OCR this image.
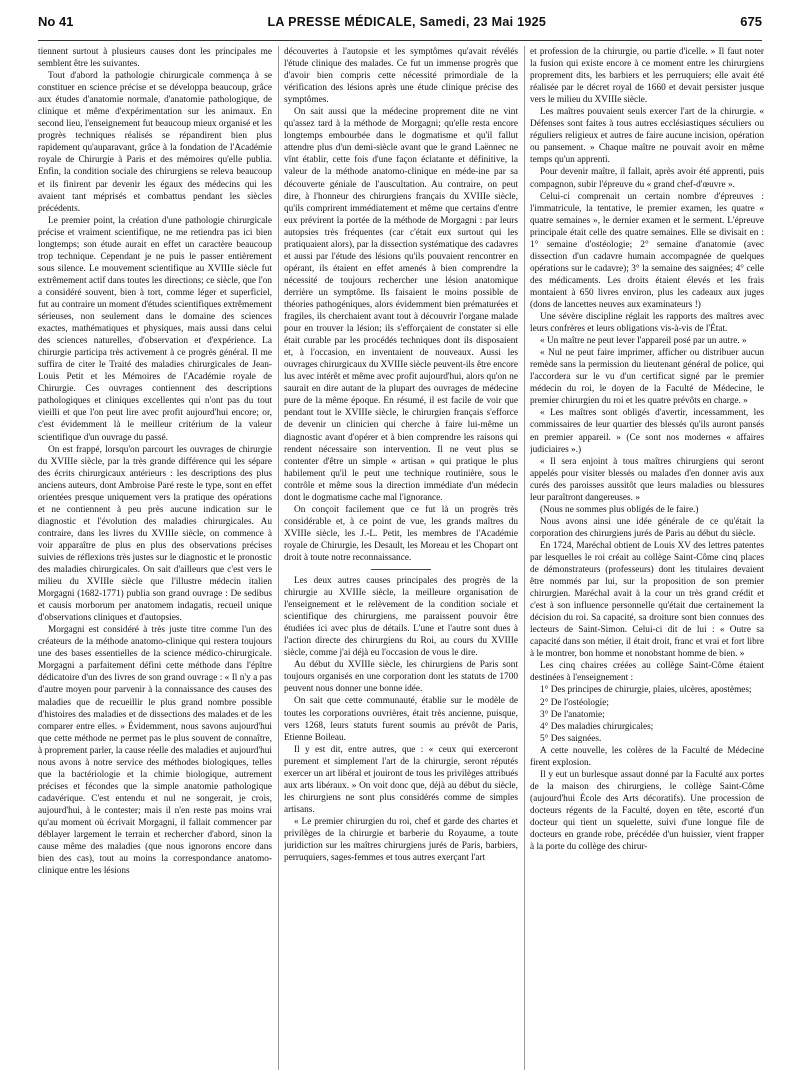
No 41	LA PRESSE MÉDICALE, Samedi, 23 Mai 1925	675

tiennent surtout à plusieurs causes dont les principales me semblent être les suivantes.

Tout d'abord la pathologie chirurgicale commença à se constituer en science précise et se développa beaucoup, grâce aux études d'anatomie normale, d'anatomie pathologique, de clinique et même d'expérimentation sur les animaux. En second lieu, l'enseignement fut beaucoup mieux organisé et les progrès techniques réalisés se répandirent bien plus rapidement qu'auparavant, grâce à la fondation de l'Académie royale de Chirurgie à Paris et des mémoires qu'elle publia. Enfin, la condition sociale des chirurgiens se releva beaucoup et ils finirent par devenir les égaux des médecins qui les avaient tant méprisés et combattus pendant les siècles précédents.

Le premier point, la création d'une pathologie chirurgicale précise et vraiment scientifique, ne me retiendra pas ici bien longtemps; son étude aurait en effet un caractère beaucoup trop technique. Cependant je ne puis le passer entièrement sous silence. Le mouvement scientifique au XVIIIe siècle fut extrêmement actif dans toutes les directions; ce siècle, que l'on a considéré souvent, bien à tort, comme léger et superficiel, fut au contraire un moment d'études scientifiques extrêmement sérieuses, non seulement dans le domaine des sciences exactes, mathématiques et physiques, mais aussi dans celui des sciences naturelles, d'observation et d'expérience. La chirurgie participa très activement à ce progrès général. Il me suffira de citer le Traité des maladies chirurgicales de Jean-Louis Petit et les Mémoires de l'Académie royale de Chirurgie. Ces ouvrages contiennent des descriptions pathologiques et cliniques excellentes qui n'ont pas du tout vieilli et que l'on peut lire avec profit aujourd'hui encore; or, c'est évidemment là le meilleur critérium de la valeur scientifique d'un ouvrage du passé.

On est frappé, lorsqu'on parcourt les ouvrages de chirurgie du XVIIIe siècle, par la très grande différence qui les sépare des écrits chirurgicaux antérieurs : les descriptions des plus anciens auteurs, dont Ambroise Paré reste le type, sont en effet orientées presque uniquement vers la pratique des opérations et ne contiennent à peu près aucune indication sur le diagnostic et l'évolution des maladies chirurgicales. Au contraire, dans les livres du XVIIIe siècle, on commence à voir apparaître de plus en plus des observations précises suivies de réflexions très justes sur le diagnostic et le pronostic des maladies chirurgicales. On sait d'ailleurs que c'est vers le milieu du XVIIIe siècle que l'illustre médecin italien Morgagni (1682-1771) publia son grand ouvrage : De sedibus et causis morborum per anatomem indagatis, recueil unique d'observations cliniques et d'autopsies.

Morgagni est considéré à très juste titre comme l'un des créateurs de la méthode anatomo-clinique qui restera toujours une des bases essentielles de la science médico-chirurgicale. Morgagni a parfaitement défini cette méthode dans l'épître dédicatoire d'un des livres de son grand ouvrage : « Il n'y a pas d'autre moyen pour parvenir à la connaissance des causes des maladies que de recueillir le plus grand nombre possible d'histoires des maladies et de dissections des malades et de les comparer entre elles. » Évidemment, nous savons aujourd'hui que cette méthode ne permet pas le plus souvent de connaître, à proprement parler, la cause réelle des maladies et aujourd'hui nous avons à notre service des méthodes biologiques, telles que la bactériologie et la chimie biologique, autrement précises et fécondes que la simple anatomie pathologique cadavérique. C'est entendu et nul ne songerait, je crois, aujourd'hui, à le contester; mais il n'en reste pas moins vrai qu'au moment où écrivait Morgagni, il fallait commencer par déblayer largement le terrain et rechercher d'abord, sinon la cause même des maladies (que nous ignorons encore dans bien des cas), tout au moins la correspondance anatomo-clinique entre les lésions

découvertes à l'autopsie et les symptômes qu'avait révélés l'étude clinique des malades. Ce fut un immense progrès que d'avoir bien compris cette nécessité primordiale de la vérification des lésions après une étude clinique précise des symptômes.

On sait aussi que la médecine proprement dite ne vint qu'assez tard à la méthode de Morgagni; qu'elle resta encore longtemps embourbée dans le dogmatisme et qu'il fallut attendre plus d'un demi-siècle avant que le grand Laënnec ne vînt établir, cette fois d'une façon éclatante et définitive, la valeur de la méthode anatomo-clinique en méde-ine par sa découverte géniale de l'auscultation. Au contraire, on peut dire, à l'honneur des chirurgiens français du XVIIIe siècle, qu'ils comprirent immédiatement et même que certains d'entre eux prévirent la portée de la méthode de Morgagni : par leurs autopsies très fréquentes (car c'était eux surtout qui les pratiquaient alors), par la dissection systématique des cadavres et aussi par l'étude des lésions qu'ils pouvaient rencontrer en opérant, ils étaient en effet amenés à bien comprendre la nécessité de toujours rechercher une lésion anatomique derrière un symptôme. Ils faisaient le moins possible de théories pathogéniques, alors évidemment bien prématurées et fragiles, ils cherchaient avant tout à découvrir l'organe malade pour en trouver la lésion; ils s'efforçaient de constater si elle était curable par les procédés techniques dont ils disposaient et, à l'occasion, en inventaient de nouveaux. Aussi les ouvrages chirurgicaux du XVIIIe siècle peuvent-ils être encore lus avec intérêt et même avec profit aujourd'hui, alors qu'on ne saurait en dire autant de la plupart des ouvrages de médecine pure de la même époque. En résumé, il est facile de voir que pendant tout le XVIIIe siècle, le chirurgien français s'efforce de devenir un clinicien qui cherche à faire lui-même un diagnostic avant d'opérer et à bien comprendre les raisons qui rendent nécessaire son intervention. Il ne veut plus se contenter d'être un simple « artisan » qui pratique le plus habilement qu'il le peut une technique routinière, sous le contrôle et même sous la direction immédiate d'un médecin dont le dogmatisme cache mal l'ignorance.

On conçoit facilement que ce fut là un progrès très considérable et, à ce point de vue, les grands maîtres du XVIIIe siècle, les J.-L. Petit, les membres de l'Académie royale de Chirurgie, les Desault, les Moreau et les Chopart ont droit à toute notre reconnaissance.

Les deux autres causes principales des progrès de la chirurgie au XVIIIe siècle, la meilleure organisation de l'enseignement et le relèvement de la condition sociale et scientifique des chirurgiens, me paraissent pouvoir être étudiées ici avec plus de détails. L'une et l'autre sont dues à l'action directe des chirurgiens du Roi, au cours du XVIIIe siècle, comme j'ai déjà eu l'occasion de vous le dire.

Au début du XVIIIe siècle, les chirurgiens de Paris sont toujours organisés en une corporation dont les statuts de 1700 peuvent nous donner une bonne idée.

On sait que cette communauté, établie sur le modèle de toutes les corporations ouvrières, était très ancienne, puisque, vers 1268, leurs statuts furent soumis au prévôt de Paris, Etienne Boileau.

Il y est dit, entre autres, que : « ceux qui exerceront purement et simplement l'art de la chirurgie, seront réputés exercer un art libéral et jouiront de tous les privilèges attribués aux arts libéraux. » On voit donc que, déjà au début du siècle, les chirurgiens ne sont plus considérés comme de simples artisans.

« Le premier chirurgien du roi, chef et garde des chartes et privilèges de la chirurgie et barberie du Royaume, a toute juridiction sur les maîtres chirurgiens jurés de Paris, barbiers, perruquiers, sages-femmes et tous autres exerçant l'art

et profession de la chirurgie, ou partie d'icelle. » Il faut noter la fusion qui existe encore à ce moment entre les chirurgiens proprement dits, les barbiers et les perruquiers; elle avait été réalisée par le décret royal de 1660 et devait persister jusque vers le milieu du XVIIIe siècle.

Les maîtres pouvaient seuls exercer l'art de la chirurgie. « Défenses sont faites à tous autres ecclésiastiques séculiers ou réguliers religieux et autres de faire aucune incision, opération ou pansement. » Chaque maître ne pouvait avoir en même temps qu'un apprenti.

Pour devenir maître, il fallait, après avoir été apprenti, puis compagnon, subir l'épreuve du « grand chef-d'œuvre ».

Celui-ci comprenait un certain nombre d'épreuves : l'immatricule, la tentative, le premier examen, les quatre « quatre semaines », le dernier examen et le serment. L'épreuve principale était celle des quatre semaines. Elle se divisait en : 1° semaine d'ostéologie; 2° semaine d'anatomie (avec dissection d'un cadavre humain accompagnée de quelques opérations sur le cadavre); 3° la semaine des saignées; 4° celle des médicaments. Les droits étaient élevés et les frais montaient à 650 livres environ, plus les cadeaux aux juges (dons de lancettes neuves aux examinateurs !)

Une sévère discipline réglait les rapports des maîtres avec leurs confrères et leurs obligations vis-à-vis de l'État.

« Un maître ne peut lever l'appareil posé par un autre. »

« Nul ne peut faire imprimer, afficher ou distribuer aucun remède sans la permission du lieutenant général de police, qui l'accordera sur le vu d'un certificat signé par le premier médecin du roi, le doyen de la Faculté de Médecine, le premier chirurgien du roi et les quatre prévôts en charge. »

« Les maîtres sont obligés d'avertir, incessamment, les commissaires de leur quartier des blessés qu'ils auront pansés en premier appareil. » (Ce sont nos modernes « affaires judiciaires ».)

« Il sera enjoint à tous maîtres chirurgiens qui seront appelés pour visiter blessés ou malades d'en donner avis aux curés des paroisses aussitôt que leurs maladies ou blessures leur paraîtront dangereuses. »

(Nous ne sommes plus obligés de le faire.)

Nous avons ainsi une idée générale de ce qu'était la corporation des chirurgiens jurés de Paris au début du siècle.

En 1724, Maréchal obtient de Louis XV des lettres patentes par lesquelles le roi créait au collège Saint-Côme cinq places de démonstrateurs (professeurs) dont les titulaires devaient être nommés par lui, sur la proposition de son premier chirurgien. Maréchal avait à la cour un très grand crédit et c'est à son influence personnelle qu'était due certainement la décision du roi. Sa capacité, sa droiture sont bien connues des lecteurs de Saint-Simon. Celui-ci dit de lui : « Outre sa capacité dans son métier, il était droit, franc et vrai et fort libre à le montrer, bon homme et nonobstant homme de bien. »

Les cinq chaires créées au collège Saint-Côme étaient destinées à l'enseignement :

1° Des principes de chirurgie, plaies, ulcères, apostèmes;

2° De l'ostéologie;

3° De l'anatomie;

4° Des maladies chirurgicales;

5° Des saignées.

A cette nouvelle, les colères de la Faculté de Médecine firent explosion.

Il y eut un burlesque assaut donné par la Faculté aux portes de la maison des chirurgiens, le collège Saint-Côme (aujourd'hui École des Arts décoratifs). Une procession de docteurs régents de la Faculté, doyen en tête, escorté d'un docteur qui tient un squelette, suivi d'une longue file de docteurs en grande robe, précédée d'un huissier, vient frapper à la porte du collège des chirur-
